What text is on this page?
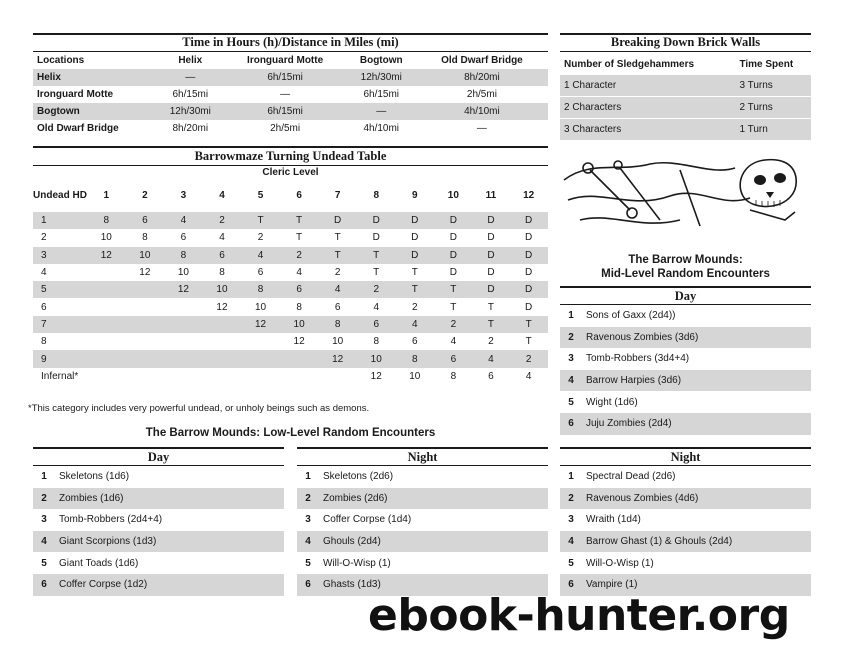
Time in Hours (h)/Distance in Miles (mi)
Locations	Helix	Ironguard Motte	Bogtown	Old Dwarf Bridge
Helix	—	6h/15mi	12h/30mi	8h/20mi
Ironguard Motte	6h/15mi	—	6h/15mi	2h/5mi
Bogtown	12h/30mi	6h/15mi	—	4h/10mi
Old Dwarf Bridge	8h/20mi	2h/5mi	4h/10mi	—
Barrowmaze Turning Undead Table
Cleric Level
Undead HD	1	2	3	4	5	6	7	8	9	10	11	12
1	8	6	4	2	T	T	D	D	D	D	D	D
2	10	8	6	4	2	T	T	D	D	D	D	D
3	12	10	8	6	4	2	T	T	D	D	D	D
4		12	10	8	6	4	2	T	T	D	D	D
5			12	10	8	6	4	2	T	T	D	D
6				12	10	8	6	4	2	T	T	D
7					12	10	8	6	4	2	T	T
8						12	10	8	6	4	2	T
9							12	10	8	6	4	2
Infernal*								12	10	8	6	4
*This category includes very powerful undead, or unholy beings such as demons.
The Barrow Mounds: Low-Level Random Encounters
Day
1	Skeletons (1d6)
2	Zombies (1d6)
3	Tomb-Robbers (2d4+4)
4	Giant Scorpions (1d3)
5	Giant Toads (1d6)
6	Coffer Corpse (1d2)
Night
1	Skeletons (2d6)
2	Zombies (2d6)
3	Coffer Corpse (1d4)
4	Ghouls (2d4)
5	Will-O-Wisp (1)
6	Ghasts (1d3)
Breaking Down Brick Walls
Number of Sledgehammers	Time Spent
1 Character	3 Turns
2 Characters	2 Turns
3 Characters	1 Turn
The Barrow Mounds:
Mid-Level Random Encounters
Day
1	Sons of Gaxx (2d4))
2	Ravenous Zombies (3d6)
3	Tomb-Robbers (3d4+4)
4	Barrow Harpies (3d6)
5	Wight (1d6)
6	Juju Zombies (2d4)
Night
1	Spectral Dead (2d6)
2	Ravenous Zombies (4d6)
3	Wraith (1d4)
4	Barrow Ghast (1) & Ghouls (2d4)
5	Will-O-Wisp (1)
6	Vampire (1)
ebook-hunter.org
